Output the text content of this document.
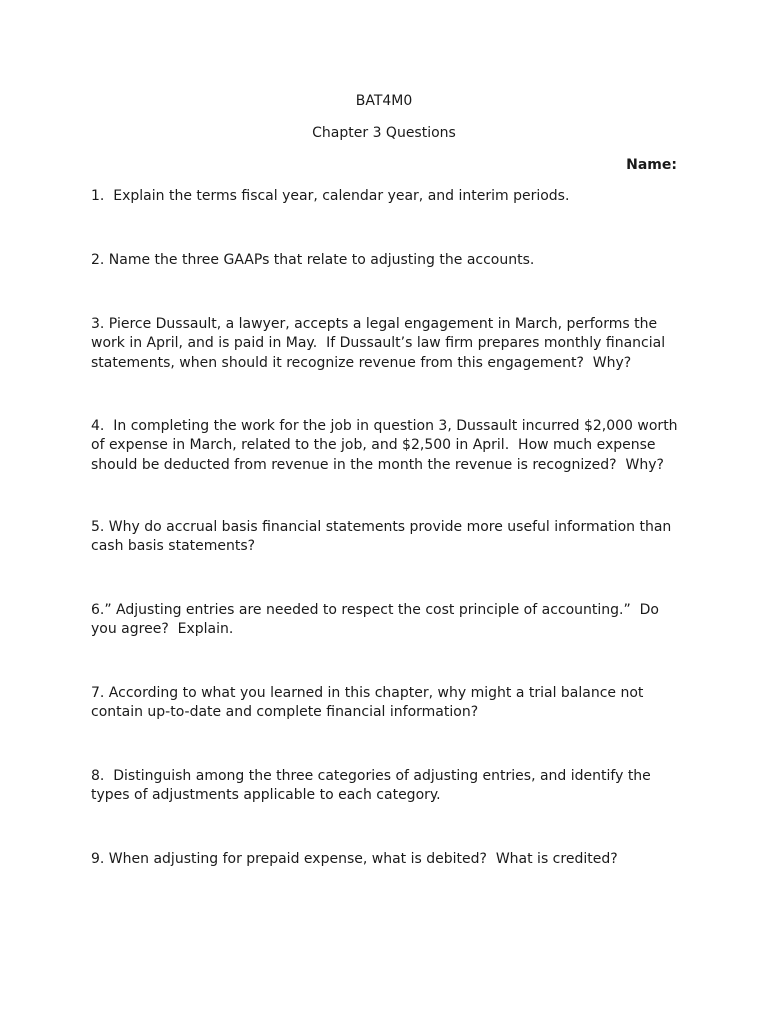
BAT4M0
Chapter 3 Questions
Name:

1.  Explain the terms fiscal year, calendar year, and interim periods.

2. Name the three GAAPs that relate to adjusting the accounts.

3. Pierce Dussault, a lawyer, accepts a legal engagement in March, performs the work in April, and is paid in May.  If Dussault’s law firm prepares monthly financial statements, when should it recognize revenue from this engagement?  Why?

4.  In completing the work for the job in question 3, Dussault incurred $2,000 worth of expense in March, related to the job, and $2,500 in April.  How much expense should be deducted from revenue in the month the revenue is recognized?  Why?

5. Why do accrual basis financial statements provide more useful information than cash basis statements?

6.” Adjusting entries are needed to respect the cost principle of accounting.”  Do you agree?  Explain.

7. According to what you learned in this chapter, why might a trial balance not contain up-to-date and complete financial information?

8.  Distinguish among the three categories of adjusting entries, and identify the types of adjustments applicable to each category.

9. When adjusting for prepaid expense, what is debited?  What is credited?
